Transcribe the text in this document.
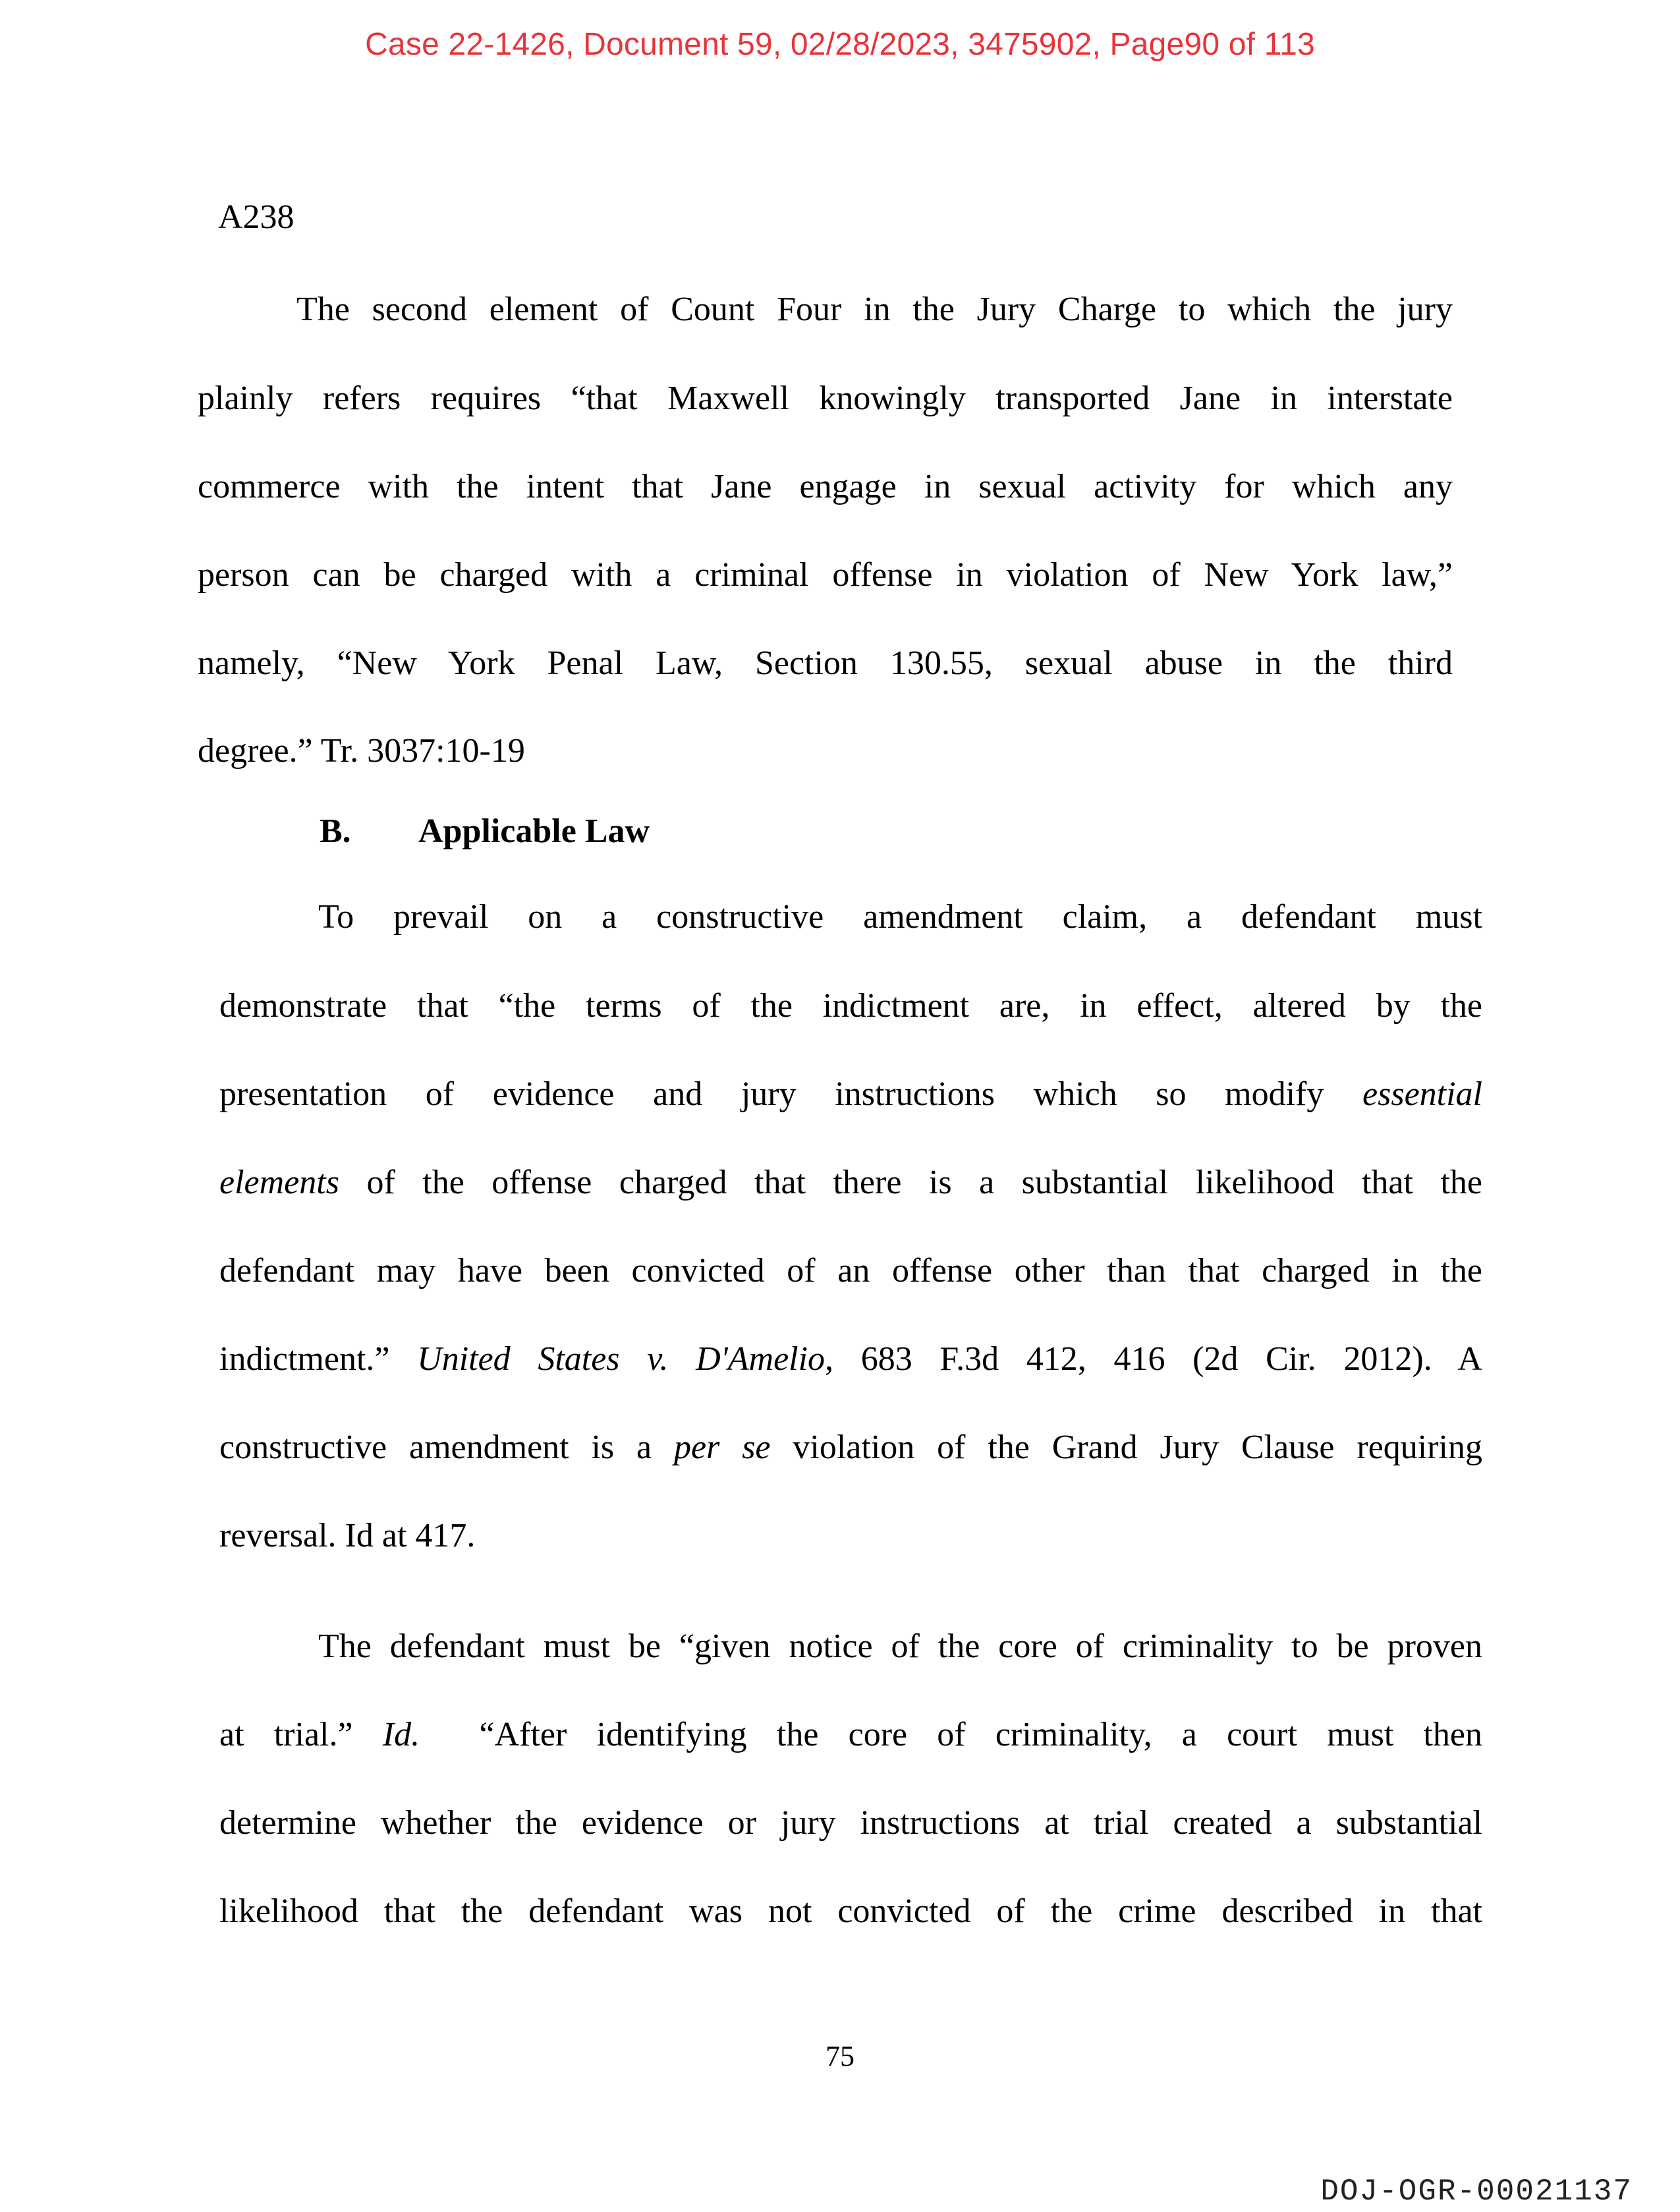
Case 22-1426, Document 59, 02/28/2023, 3475902, Page90 of 113
A238
The second element of Count Four in the Jury Charge to which the jury
plainly refers requires “that Maxwell knowingly transported Jane in interstate
commerce with the intent that Jane engage in sexual activity for which any
person can be charged with a criminal offense in violation of New York law,”
namely, “New York Penal Law, Section 130.55, sexual abuse in the third
degree.” Tr. 3037:10-19
B. Applicable Law
To prevail on a constructive amendment claim, a defendant must
demonstrate that “the terms of the indictment are, in effect, altered by the
presentation of evidence and jury instructions which so modify essential
elements of the offense charged that there is a substantial likelihood that the
defendant may have been convicted of an offense other than that charged in the
indictment.” United States v. D'Amelio, 683 F.3d 412, 416 (2d Cir. 2012). A
constructive amendment is a per se violation of the Grand Jury Clause requiring
reversal. Id at 417.
The defendant must be “given notice of the core of criminality to be proven
at trial.” Id.  “After identifying the core of criminality, a court must then
determine whether the evidence or jury instructions at trial created a substantial
likelihood that the defendant was not convicted of the crime described in that
75
DOJ-OGR-00021137
